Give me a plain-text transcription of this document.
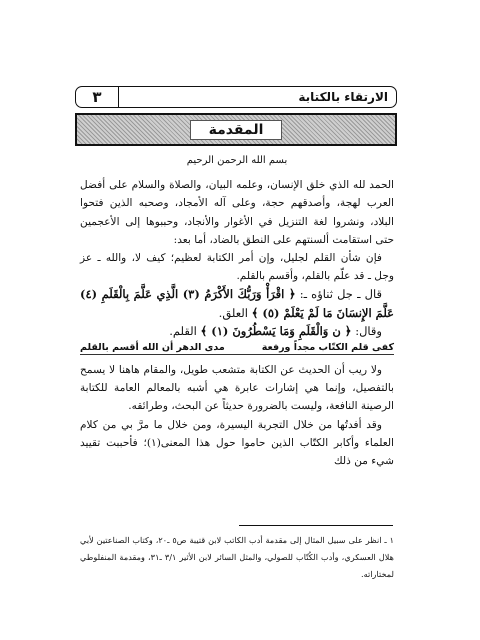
٣	الارتقاء بالكتابة
المقدمة

بسم الله الرحمن الرحيم

الحمد لله الذي خلق الإنسان، وعلمه البيان، والصلاة والسلام على أفضل العرب لهجة، وأصدقهم حجة، وعلى آله الأمجاد، وصحبه الذين فتحوا البلاد، ونشروا لغة التنزيل في الأغوار والأنجاد، وحببوها إلى الأعجمين حتى استقامت ألسنتهم على النطق بالضاد، أما بعد:

فإن شأن القلم لجليل، وإن أمر الكتابة لعظيم؛ كيف لا، والله ـ عز وجل ـ قد علّم بالقلم، وأقسم بالقلم.

قال ـ جل ثناؤه ـ: ﴿ اقْرَأْ وَرَبُّكَ الأَكْرَمُ (٣) الَّذِي عَلَّمَ بِالْقَلَمِ (٤) عَلَّمَ الإِنسَانَ مَا لَمْ يَعْلَمْ (٥) ﴾ العلق.

وقال: ﴿ ن وَالْقَلَمِ وَمَا يَسْطُرُونَ (١) ﴾ القلم.

كفى قلم الكتّاب مجداً ورفعة
مدى الدهر أن الله أقسم بالقلم

ولا ريب أن الحديث عن الكتابة متشعب طويل، والمقام هاهنا لا يسمح بالتفصيل، وإنما هي إشارات عابرة هي أشبه بالمعالم العامة للكتابة الرصينة النافعة، وليست بالضرورة حديثاً عن البحث، وطرائقه.

وقد أفدتُها من خلال التجربة اليسيرة، ومن خلال ما مرَّ بي من كلام العلماء وأكابر الكتّاب الذين حاموا حول هذا المعنى(١)؛ فأحببت تقييد شيء من ذلك

١ ـ انظر على سبيل المثال إلى مقدمة أدب الكاتب لابن قتيبة ص٥ ـ٢٠، وكتاب الصناعتين لأبي هلال العسكري، وأدب الكُتّاب للصولي، والمثل السائر لابن الأثير ٣/١ ـ٣١، ومقدمة المنفلوطي لمختاراته.
